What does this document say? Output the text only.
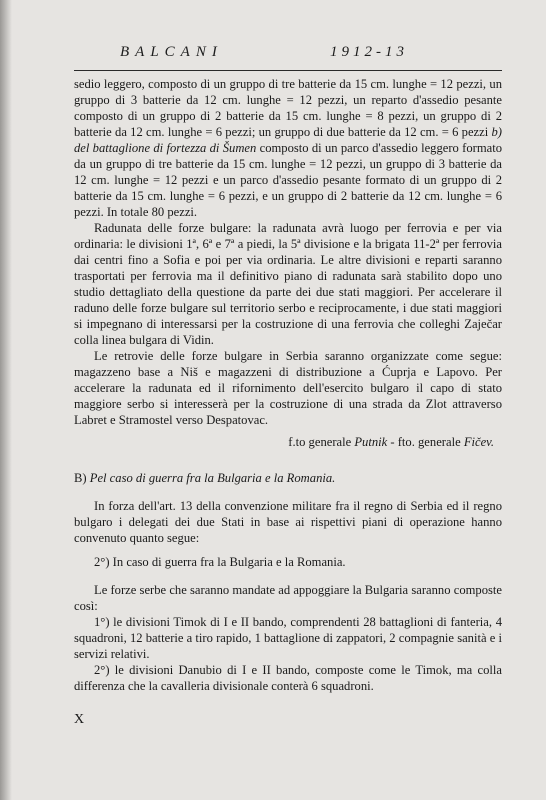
BALCANI	1912-13

sedio leggero, composto di un gruppo di tre batterie da 15 cm. lunghe = 12 pezzi, un gruppo di 3 batterie da 12 cm. lunghe = 12 pezzi, un reparto d'assedio pesante composto di un gruppo di 2 batterie da 15 cm. lunghe = 8 pezzi, un gruppo di 2 batterie da 12 cm. lunghe = 6 pezzi; un gruppo di due batterie da 12 cm. = 6 pezzi b) del battaglione di fortezza di Šumen composto di un parco d'assedio leggero formato da un gruppo di tre batterie da 15 cm. lunghe = 12 pezzi, un gruppo di 3 batterie da 12 cm. lunghe = 12 pezzi e un parco d'assedio pesante formato di un gruppo di 2 batterie da 15 cm. lunghe = 6 pezzi, e un gruppo di 2 batterie da 12 cm. lunghe = 6 pezzi. In totale 80 pezzi.

Radunata delle forze bulgare: la radunata avrà luogo per ferrovia e per via ordinaria: le divisioni 1ª, 6ª e 7ª a piedi, la 5ª divisione e la brigata 11-2ª per ferrovia dai centri fino a Sofia e poi per via ordinaria. Le altre divisioni e reparti saranno trasportati per ferrovia ma il definitivo piano di radunata sarà stabilito dopo uno studio dettagliato della questione da parte dei due stati maggiori. Per accelerare il raduno delle forze bulgare sul territorio serbo e reciprocamente, i due stati maggiori si impegnano di interessarsi per la costruzione di una ferrovia che colleghi Zaječar colla linea bulgara di Vidin.

Le retrovie delle forze bulgare in Serbia saranno organizzate come segue: magazzeno base a Niš e magazzeni di distribuzione a Ćuprja e Lapovo. Per accelerare la radunata ed il rifornimento dell'esercito bulgaro il capo di stato maggiore serbo si interesserà per la costruzione di una strada da Zlot attraverso Labret e Stramostel verso Despatovac.

f.to generale Putnik - fto. generale Fičev.

B) Pel caso di guerra fra la Bulgaria e la Romania.

In forza dell'art. 13 della convenzione militare fra il regno di Serbia ed il regno bulgaro i delegati dei due Stati in base ai rispettivi piani di operazione hanno convenuto quanto segue:

2°) In caso di guerra fra la Bulgaria e la Romania.

Le forze serbe che saranno mandate ad appoggiare la Bulgaria saranno composte così:

1°) le divisioni Timok di I e II bando, comprendenti 28 battaglioni di fanteria, 4 squadroni, 12 batterie a tiro rapido, 1 battaglione di zappatori, 2 compagnie sanità e i servizi relativi.

2°) le divisioni Danubio di I e II bando, composte come le Timok, ma colla differenza che la cavalleria divisionale conterà 6 squadroni.

X
